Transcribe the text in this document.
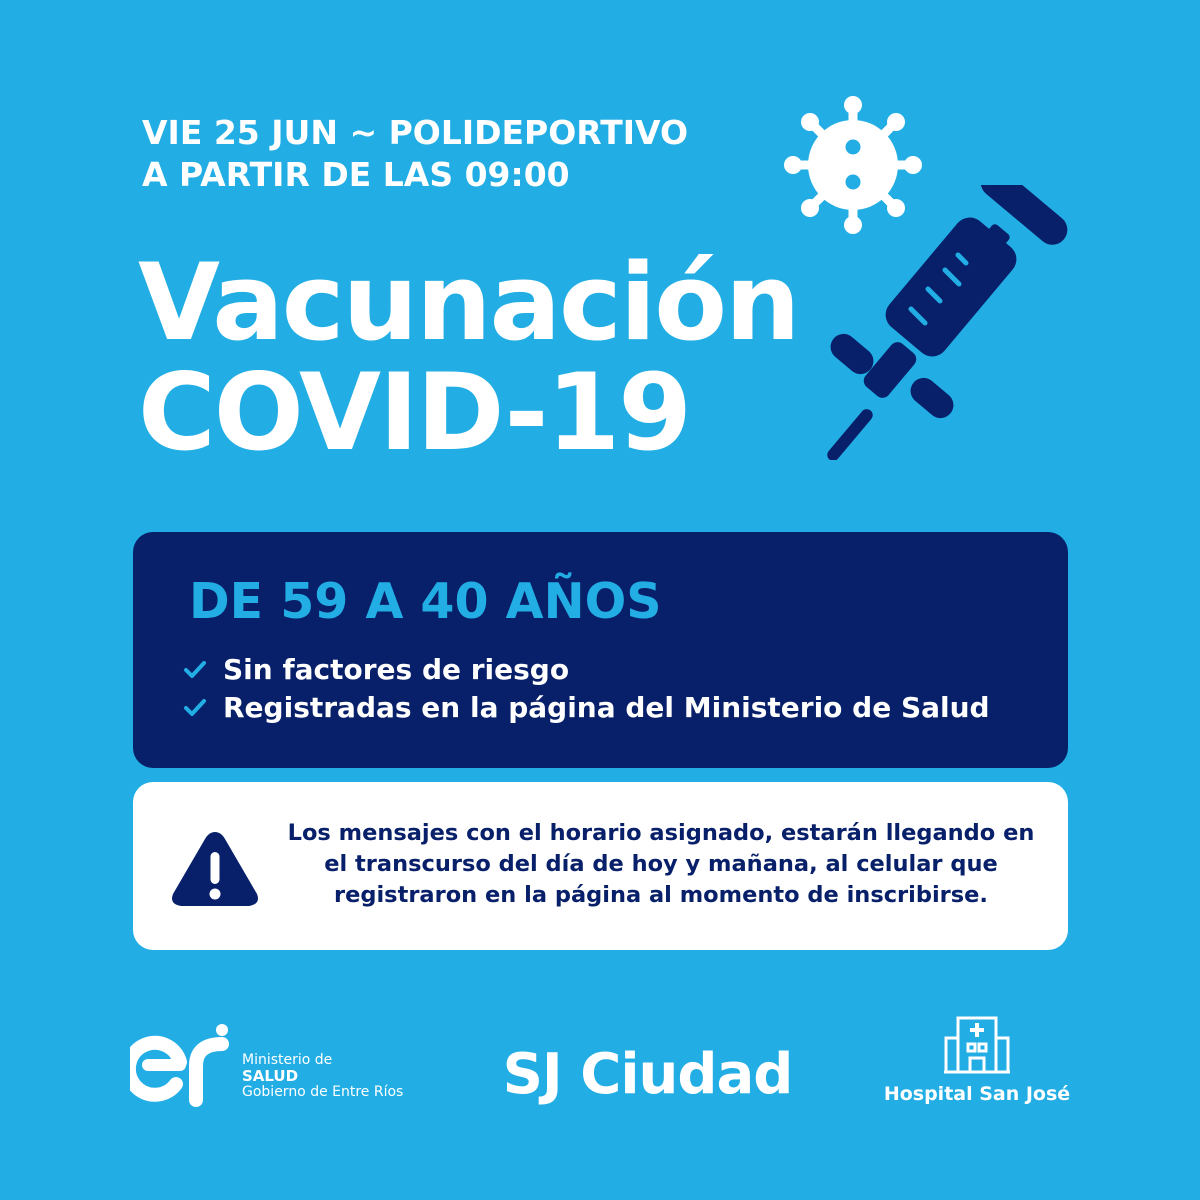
VIE 25 JUN ~ POLIDEPORTIVO
A PARTIR DE LAS 09:00
Vacunación
COVID-19
DE 59 A 40 AÑOS
Sin factores de riesgo
Registradas en la página del Ministerio de Salud
Los mensajes con el horario asignado, estarán llegando en el transcurso del día de hoy y mañana, al celular que registraron en la página al momento de inscribirse.
Ministerio de
SALUD
Gobierno de Entre Ríos	SJ Ciudad	Hospital San José
